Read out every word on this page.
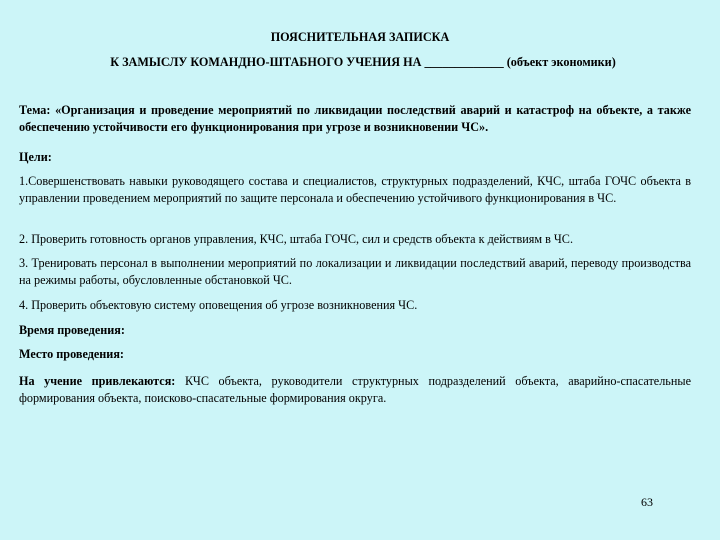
ПОЯСНИТЕЛЬНАЯ ЗАПИСКА
К ЗАМЫСЛУ КОМАНДНО-ШТАБНОГО УЧЕНИЯ НА _____________ (объект экономики)
Тема: «Организация и проведение мероприятий по ликвидации последствий аварий и катастроф на объекте, а также обеспечению устойчивости его функционирования при угрозе и возникновении ЧС».
Цели:
1.Совершенствовать навыки руководящего состава и специалистов, структурных подразделений, КЧС, штаба ГОЧС объекта в управлении проведением мероприятий по защите персонала и обеспечению устойчивого функционирования в ЧС.
2. Проверить готовность органов управления, КЧС, штаба ГОЧС, сил и средств объекта к действиям в ЧС.
3. Тренировать персонал в выполнении мероприятий по локализации и ликвидации последствий аварий, переводу производства на режимы работы, обусловленные обстановкой ЧС.
4. Проверить объектовую систему оповещения об угрозе возникновения ЧС.
Время проведения:
Место проведения:
На учение привлекаются: КЧС объекта, руководители структурных подразделений объекта, аварийно-спасательные формирования объекта, поисково-спасательные формирования округа.
63
